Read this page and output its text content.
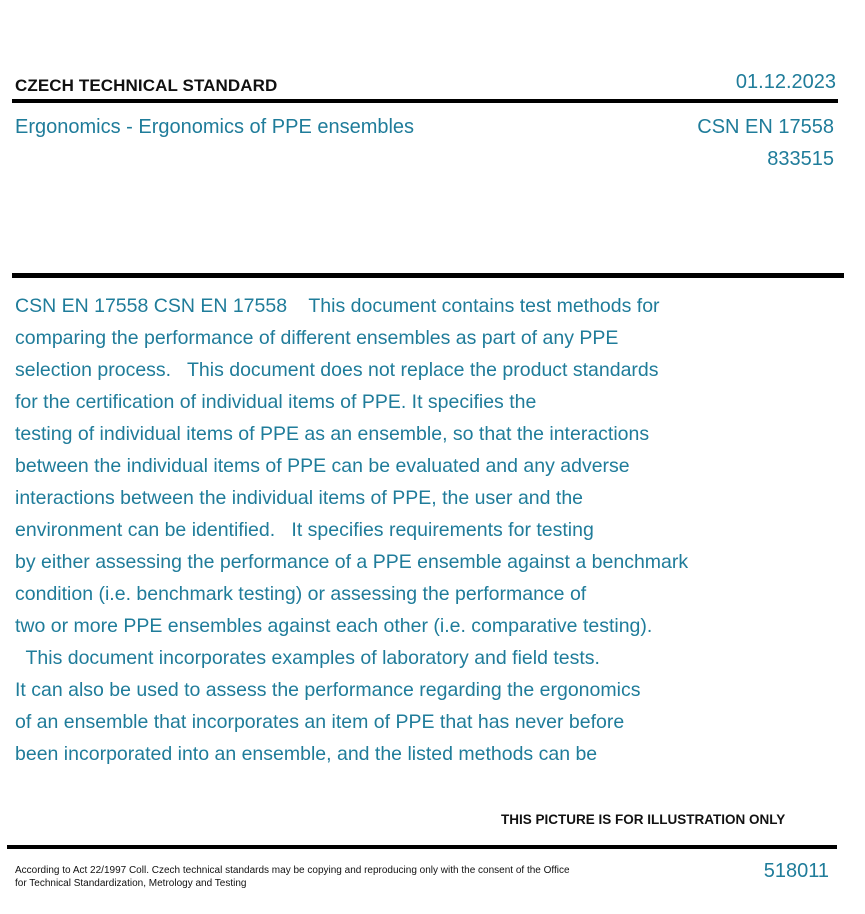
CZECH TECHNICAL STANDARD	01.12.2023
Ergonomics - Ergonomics of PPE ensembles	CSN EN 17558
833515
CSN EN 17558 CSN EN 17558    This document contains test methods for
comparing the performance of different ensembles as part of any PPE
selection process.   This document does not replace the product standards
for the certification of individual items of PPE. It specifies the
testing of individual items of PPE as an ensemble, so that the interactions
between the individual items of PPE can be evaluated and any adverse
interactions between the individual items of PPE, the user and the
environment can be identified.   It specifies requirements for testing
by either assessing the performance of a PPE ensemble against a benchmark
condition (i.e. benchmark testing) or assessing the performance of
two or more PPE ensembles against each other (i.e. comparative testing).
This document incorporates examples of laboratory and field tests.
It can also be used to assess the performance regarding the ergonomics
of an ensemble that incorporates an item of PPE that has never before
been incorporated into an ensemble, and the listed methods can be
THIS PICTURE IS FOR ILLUSTRATION ONLY
According to Act 22/1997 Coll. Czech technical standards may be copying and reproducing only with the consent of the Office
for Technical Standardization, Metrology and Testing
518011
